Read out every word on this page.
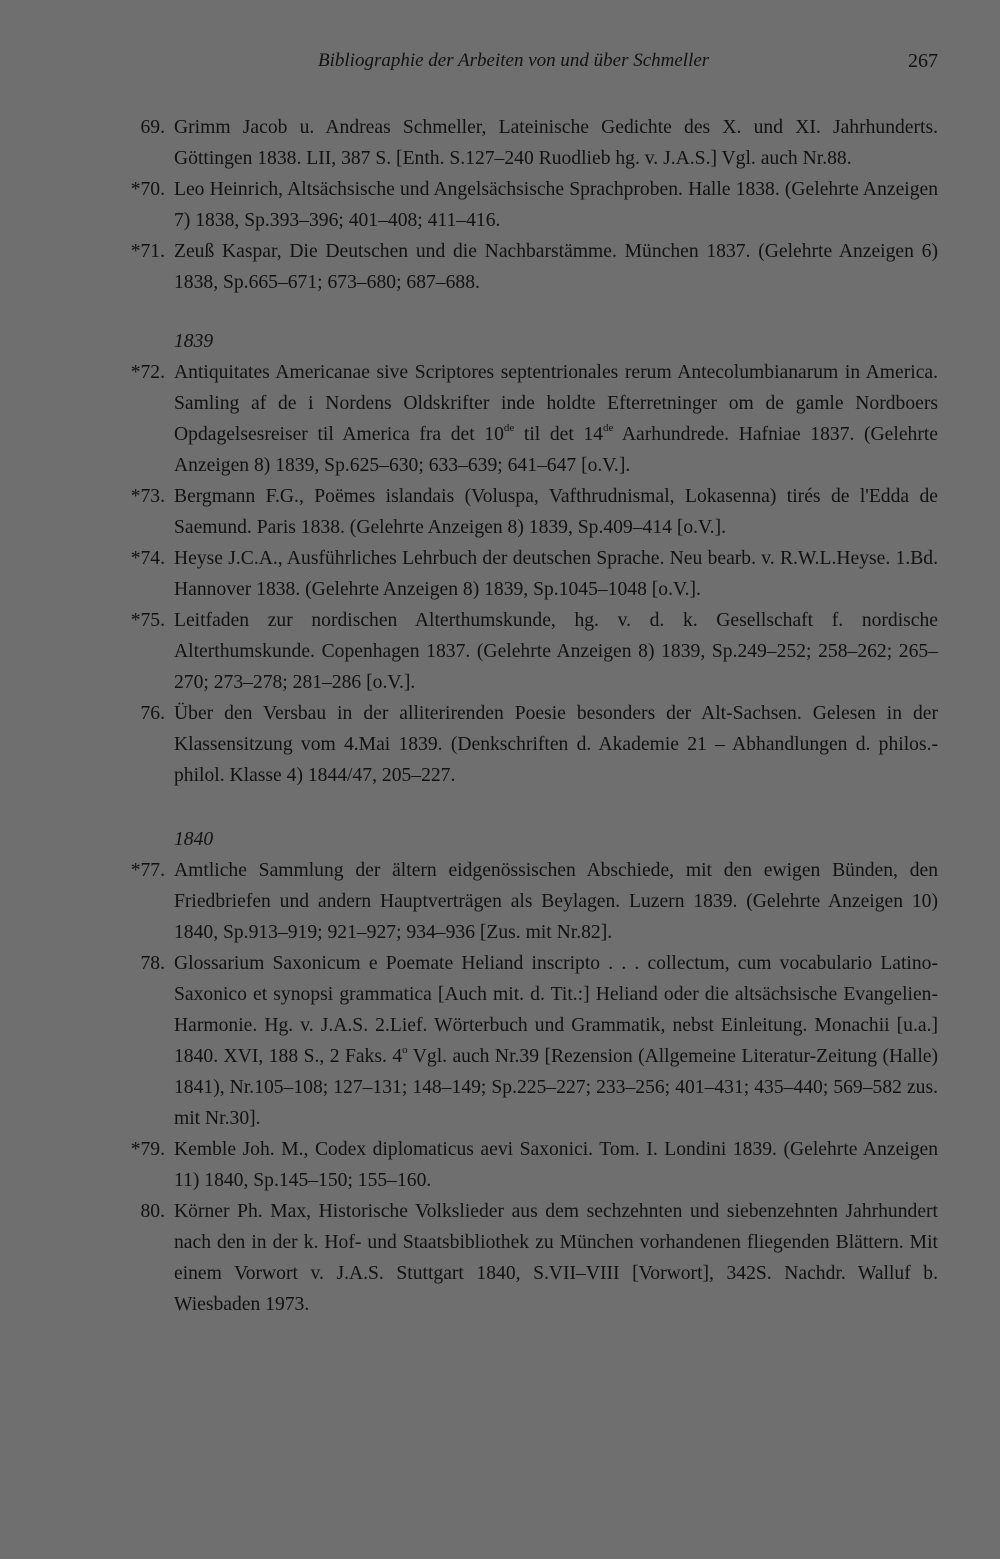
Bibliographie der Arbeiten von und über Schmeller	267
69. Grimm Jacob u. Andreas Schmeller, Lateinische Gedichte des X. und XI. Jahrhunderts. Göttingen 1838. LII, 387 S. [Enth. S.127–240 Ruodlieb hg. v. J.A.S.] Vgl. auch Nr.88.
*70. Leo Heinrich, Altsächsische und Angelsächsische Sprachproben. Halle 1838. (Gelehrte Anzeigen 7) 1838, Sp.393–396; 401–408; 411–416.
*71. Zeuß Kaspar, Die Deutschen und die Nachbarstämme. München 1837. (Gelehrte Anzeigen 6) 1838, Sp.665–671; 673–680; 687–688.
1839
*72. Antiquitates Americanae sive Scriptores septentrionales rerum Antecolumbianarum in America. Samling af de i Nordens Oldskrifter inde holdte Efterretninger om de gamle Nordboers Opdagelsesreiser til America fra det 10de til det 14de Aarhundrede. Hafniae 1837. (Gelehrte Anzeigen 8) 1839, Sp.625–630; 633–639; 641–647 [o.V.].
*73. Bergmann F.G., Poëmes islandais (Voluspa, Vafthrudnismal, Lokasenna) tirés de l'Edda de Saemund. Paris 1838. (Gelehrte Anzeigen 8) 1839, Sp.409–414 [o.V.].
*74. Heyse J.C.A., Ausführliches Lehrbuch der deutschen Sprache. Neu bearb. v. R.W.L.Heyse. 1.Bd. Hannover 1838. (Gelehrte Anzeigen 8) 1839, Sp.1045–1048 [o.V.].
*75. Leitfaden zur nordischen Alterthumskunde, hg. v. d. k. Gesellschaft f. nordische Alterthumskunde. Copenhagen 1837. (Gelehrte Anzeigen 8) 1839, Sp.249–252; 258–262; 265–270; 273–278; 281–286 [o.V.].
76. Über den Versbau in der alliterirenden Poesie besonders der Alt-Sachsen. Gelesen in der Klassensitzung vom 4.Mai 1839. (Denkschriften d. Akademie 21 – Abhandlungen d. philos.-philol. Klasse 4) 1844/47, 205–227.
1840
*77. Amtliche Sammlung der ältern eidgenössischen Abschiede, mit den ewigen Bünden, den Friedbriefen und andern Hauptverträgen als Beylagen. Luzern 1839. (Gelehrte Anzeigen 10) 1840, Sp.913–919; 921–927; 934–936 [Zus. mit Nr.82].
78. Glossarium Saxonicum e Poemate Heliand inscripto . . . collectum, cum vocabulario Latino-Saxonico et synopsi grammatica [Auch mit. d. Tit.:] Heliand oder die altsächsische Evangelien-Harmonie. Hg. v. J.A.S. 2.Lief. Wörterbuch und Grammatik, nebst Einleitung. Monachii [u.a.] 1840. XVI, 188 S., 2 Faks. 4$^o$ Vgl. auch Nr.39 [Rezension (Allgemeine Literatur-Zeitung (Halle) 1841), Nr.105–108; 127–131; 148–149; Sp.225–227; 233–256; 401–431; 435–440; 569–582 zus. mit Nr.30].
*79. Kemble Joh. M., Codex diplomaticus aevi Saxonici. Tom. I. Londini 1839. (Gelehrte Anzeigen 11) 1840, Sp.145–150; 155–160.
80. Körner Ph. Max, Historische Volkslieder aus dem sechzehnten und siebenzehnten Jahrhundert nach den in der k. Hof- und Staatsbibliothek zu München vorhandenen fliegenden Blättern. Mit einem Vorwort v. J.A.S. Stuttgart 1840, S.VII–VIII [Vorwort], 342S. Nachdr. Walluf b. Wiesbaden 1973.
